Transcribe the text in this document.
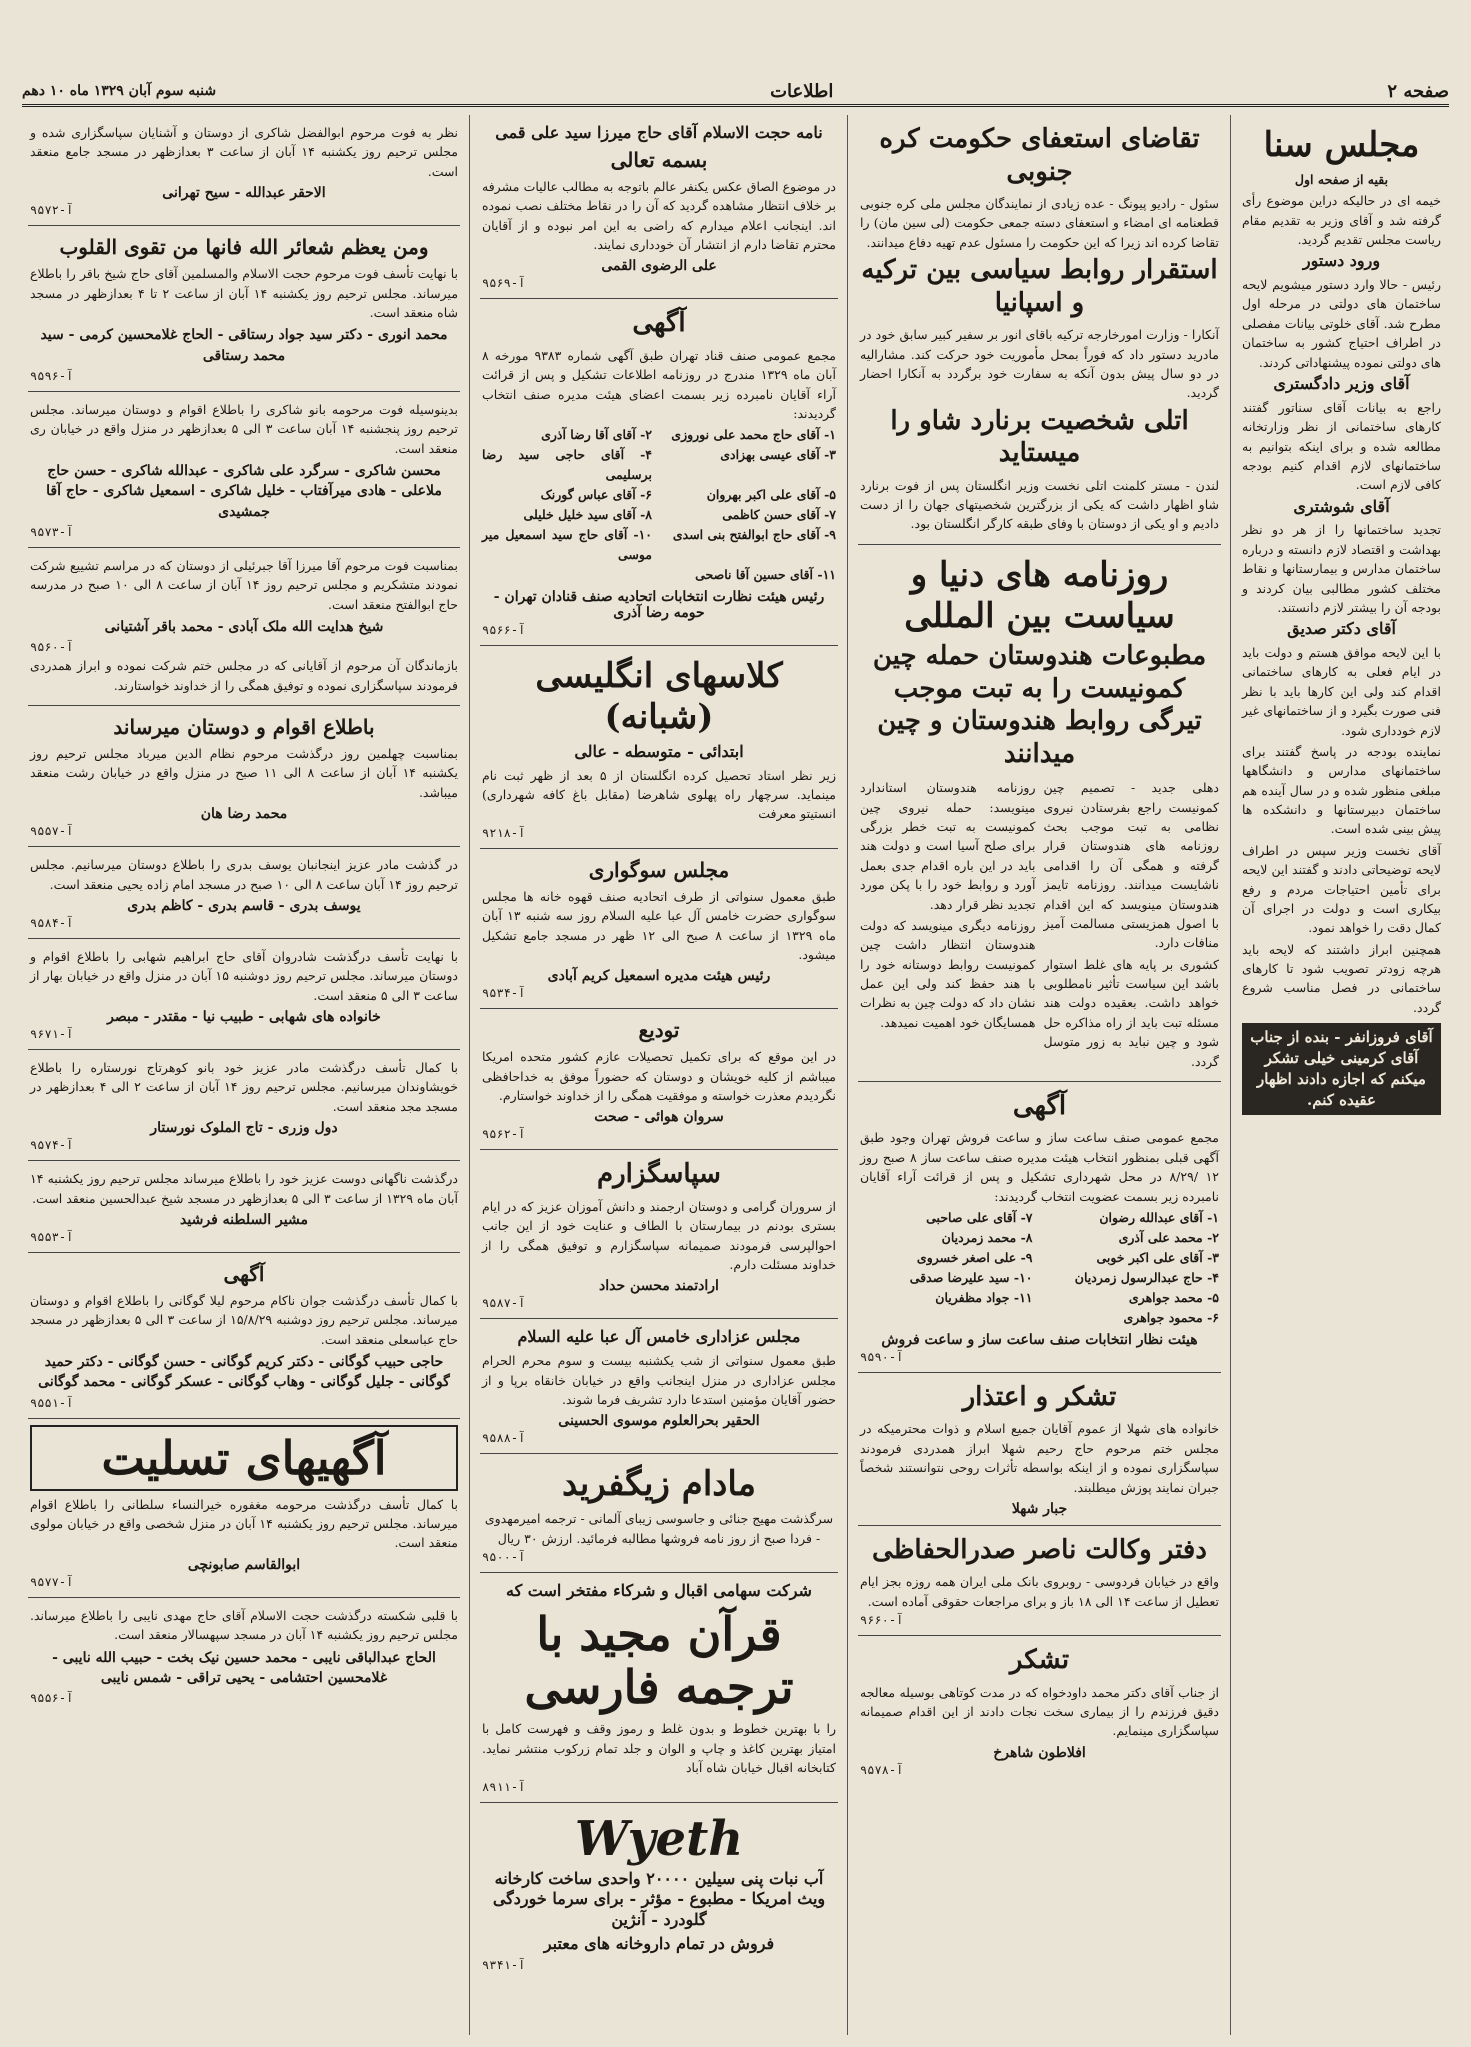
صفحه ۲
اطلاعات
شنبه سوم آبان ۱۳۲۹ ماه ۱۰ دهم
مجلس سنا
بقیه از صفحه اول
خیمه ای در حالیکه دراین موضوع رأی گرفته شد و آقای وزیر به تقدیم مقام ریاست مجلس تقدیم گردید.
ورود دستور
رئیس - حالا وارد دستور میشویم لایحه ساختمان های دولتی در مرحله اول مطرح شد. آقای خلوتی بیانات مفصلی در اطراف احتیاج کشور به ساختمان های دولتی نموده پیشنهاداتی کردند.
آقای وزیر دادگستری
راجع به بیانات آقای سناتور گفتند کارهای ساختمانی از نظر وزارتخانه مطالعه شده و برای اینکه بتوانیم به ساختمانهای لازم اقدام کنیم بودجه کافی لازم است.
آقای شوشتری
تجدید ساختمانها را از هر دو نظر بهداشت و اقتصاد لازم دانسته و درباره ساختمان مدارس و بیمارستانها و نقاط مختلف کشور مطالبی بیان کردند و بودجه آن را بیشتر لازم دانستند.
آقای دکتر صدیق
با این لایحه موافق هستم و دولت باید در ایام فعلی به کارهای ساختمانی اقدام کند ولی این کارها باید با نظر فنی صورت بگیرد و از ساختمانهای غیر لازم خودداری شود.
نماینده بودجه در پاسخ گفتند برای ساختمانهای مدارس و دانشگاهها مبلغی منظور شده و در سال آینده هم ساختمان دبیرستانها و دانشکده ها پیش بینی شده است.
آقای نخست وزیر سپس در اطراف لایحه توضیحاتی دادند و گفتند این لایحه برای تأمین احتیاجات مردم و رفع بیکاری است و دولت در اجرای آن کمال دقت را خواهد نمود.
همچنین ابراز داشتند که لایحه باید هرچه زودتر تصویب شود تا کارهای ساختمانی در فصل مناسب شروع گردد.
آقای فروزانفر - بنده از جناب آقای کرمینی خیلی تشکر میکنم که اجازه دادند اظهار عقیده کنم.
تقاضای استعفای حکومت کره جنوبی
سئول - رادیو پیونگ - عده زیادی از نمایندگان مجلس ملی کره جنوبی قطعنامه ای امضاء و استعفای دسته جمعی حکومت (لی سین مان) را تقاضا کرده اند زیرا که این حکومت را مسئول عدم تهیه دفاع میدانند.
استقرار روابط سیاسی بین ترکیه و اسپانیا
آنکارا - وزارت امورخارجه ترکیه باقای انور بر سفیر کبیر سابق خود در مادرید دستور داد که فوراً بمحل مأموریت خود حرکت کند. مشارالیه در دو سال پیش بدون آنکه به سفارت خود برگردد به آنکارا احضار گردید.
اتلی شخصیت برنارد شاو را میستاید
لندن - مستر کلمنت اتلی نخست وزیر انگلستان پس از فوت برنارد شاو اظهار داشت که یکی از بزرگترین شخصیتهای جهان را از دست دادیم و او یکی از دوستان با وفای طبقه کارگر انگلستان بود.
روزنامه های دنیا و سیاست بین المللی
مطبوعات هندوستان حمله چین کمونیست را به تبت موجب تیرگی روابط هندوستان و چین میدانند
دهلی جدید - تصمیم چین کمونیست راجع بفرستادن نیروی نظامی به تبت موجب بحث روزنامه های هندوستان قرار گرفته و همگی آن را اقدامی ناشایست میدانند. روزنامه تایمز هندوستان مینویسد که این اقدام با اصول همزیستی مسالمت آمیز منافات دارد.
کشوری بر پایه های غلط استوار باشد این سیاست تأثیر نامطلوبی خواهد داشت. بعقیده دولت هند مسئله تبت باید از راه مذاکره حل شود و چین نباید به زور متوسل گردد.
روزنامه هندوستان استاندارد مینویسد: حمله نیروی چین کمونیست به تبت خطر بزرگی برای صلح آسیا است و دولت هند باید در این باره اقدام جدی بعمل آورد و روابط خود را با پکن مورد تجدید نظر قرار دهد.
روزنامه دیگری مینویسد که دولت هندوستان انتظار داشت چین کمونیست روابط دوستانه خود را با هند حفظ کند ولی این عمل نشان داد که دولت چین به نظرات همسایگان خود اهمیت نمیدهد.
آگهی
مجمع عمومی صنف ساعت ساز و ساعت فروش تهران وجود طبق آگهی قبلی بمنظور انتخاب هیئت مدیره صنف ساعت ساز ۸ صبح روز ۱۲ /۸/۲۹ در محل شهرداری تشکیل و پس از قرائت آراء آقایان نامبرده زیر بسمت عضویت انتخاب گردیدند:
۱- آقای عبدالله رضوان
۷- آقای علی صاحبی
۲- محمد علی آذری
۸- محمد زمردیان
۳- آقای علی اکبر خوبی
۹- علی اصغر خسروی
۴- حاج عبدالرسول زمردیان
۱۰- سید علیرضا صدقی
۵- محمد جواهری
۱۱- جواد مظفریان
۶- محمود جواهری
هیئت نظار انتخابات صنف ساعت ساز و ساعت فروش
آ-۹۵۹۰
تشکر و اعتذار
خانواده های شهلا از عموم آقایان جمیع اسلام و ذوات محترمیکه در مجلس ختم مرحوم حاج رحیم شهلا ابراز همدردی فرمودند سپاسگزاری نموده و از اینکه بواسطه تأثرات روحی نتوانستند شخصاً جبران نمایند پوزش میطلبند.
جبار شهلا
دفتر وکالت ناصر صدرالحفاظی
واقع در خیابان فردوسی - روبروی بانک ملی ایران همه روزه بجز ایام تعطیل از ساعت ۱۴ الی ۱۸ باز و برای مراجعات حقوقی آماده است.
آ-۹۶۶۰
تشکر
از جناب آقای دکتر محمد داودخواه که در مدت کوتاهی بوسیله معالجه دقیق فرزندم را از بیماری سخت نجات دادند از این اقدام صمیمانه سپاسگزاری مینمایم.
افلاطون شاهرخ
آ-۹۵۷۸
نامه حجت الاسلام آقای حاج میرزا سید علی قمی
بسمه تعالی
در موضوع الصاق عکس یکنفر عالم باتوجه به مطالب عالیات مشرفه بر خلاف انتظار مشاهده گردید که آن را در نقاط مختلف نصب نموده اند. اینجانب اعلام میدارم که راضی به این امر نبوده و از آقایان محترم تقاضا دارم از انتشار آن خودداری نمایند.
علی الرضوی القمی
آ-۹۵۶۹
آگهی
مجمع عمومی صنف قناد تهران طبق آگهی شماره ۹۳۸۳ مورخه ۸ آبان ماه ۱۳۲۹ مندرج در روزنامه اطلاعات تشکیل و پس از قرائت آراء آقایان نامبرده زیر بسمت اعضای هیئت مدیره صنف انتخاب گردیدند:
۱- آقای حاج محمد علی نوروزی
۲- آقای آقا رضا آذری
۳- آقای عیسی بهزادی
۴- آقای حاجی سید رضا برسلیمی
۵- آقای علی اکبر بهروان
۶- آقای عباس گورنک
۷- آقای حسن کاظمی
۸- آقای سید خلیل خلیلی
۹- آقای حاج ابوالفتح بنی اسدی
۱۰- آقای حاج سید اسمعیل میر موسی
۱۱- آقای حسین آقا ناصحی
رئیس هیئت نظارت انتخابات اتحادیه صنف قنادان تهران - حومه رضا آذری
آ-۹۵۶۶
کلاسهای انگلیسی (شبانه)
ابتدائی - متوسطه - عالی
زیر نظر استاد تحصیل کرده انگلستان از ۵ بعد از ظهر ثبت نام مینماید. سرچهار راه پهلوی شاهرضا (مقابل باغ کافه شهرداری) انستیتو معرفت
آ-۹۲۱۸
مجلس سوگواری
طبق معمول سنواتی از طرف اتحادیه صنف قهوه خانه ها مجلس سوگواری حضرت خامس آل عبا علیه السلام روز سه شنبه ۱۳ آبان ماه ۱۳۲۹ از ساعت ۸ صبح الی ۱۲ ظهر در مسجد جامع تشکیل میشود.
رئیس هیئت مدیره اسمعیل کریم آبادی
آ-۹۵۳۴
تودیع
در این موقع که برای تکمیل تحصیلات عازم کشور متحده امریکا میباشم از کلیه خویشان و دوستان که حضوراً موفق به خداحافظی نگردیدم معذرت خواسته و موفقیت همگی را از خداوند خواستارم.
سروان هوائی - صحت
آ-۹۵۶۲
سپاسگزارم
از سروران گرامی و دوستان ارجمند و دانش آموزان عزیز که در ایام بستری بودنم در بیمارستان با الطاف و عنایت خود از این جانب احوالپرسی فرمودند صمیمانه سپاسگزارم و توفیق همگی را از خداوند مسئلت دارم.
ارادتمند محسن حداد
آ-۹۵۸۷
مجلس عزاداری خامس آل عبا علیه السلام
طبق معمول سنواتی از شب یکشنبه بیست و سوم محرم الحرام مجلس عزاداری در منزل اینجانب واقع در خیابان خانقاه برپا و از حضور آقایان مؤمنین استدعا دارد تشریف فرما شوند.
الحقیر بحرالعلوم موسوی الحسینی
آ-۹۵۸۸
مادام زیگفرید
سرگذشت مهیج جنائی و جاسوسی زیبای آلمانی - ترجمه امیرمهدوی - فردا صبح از روز نامه فروشها مطالبه فرمائید. ارزش ۳۰ ریال
آ-۹۵۰۰
شرکت سهامی اقبال و شرکاء مفتخر است که
قرآن مجید با ترجمه فارسی
را با بهترین خطوط و بدون غلط و رموز وقف و فهرست کامل با امتیاز بهترین کاغذ و چاپ و الوان و جلد تمام زرکوب منتشر نماید. کتابخانه اقبال خیابان شاه آباد
آ-۸۹۱۱
Wyeth
آب نبات پنی سیلین ۲۰۰۰۰ واحدی ساخت کارخانه ویث امریکا - مطبوع - مؤثر - برای سرما خوردگی گلودرد - آنژین
فروش در تمام داروخانه های معتبر
آ-۹۳۴۱
نظر به فوت مرحوم ابوالفضل شاکری از دوستان و آشنایان سپاسگزاری شده و مجلس ترحیم روز یکشنبه ۱۴ آبان از ساعت ۳ بعدازظهر در مسجد جامع منعقد است.
الاحقر عبدالله - سیح تهرانی
آ-۹۵۷۲
ومن يعظم شعائر الله فانها من تقوى القلوب
با نهایت تأسف فوت مرحوم حجت الاسلام والمسلمین آقای حاج شیخ باقر را باطلاع میرساند. مجلس ترحیم روز یکشنبه ۱۴ آبان از ساعت ۲ تا ۴ بعدازظهر در مسجد شاه منعقد است.
محمد انوری - دکتر سید جواد رستاقی - الحاج غلامحسین کرمی - سید محمد رستاقی
آ-۹۵۹۶
بدینوسیله فوت مرحومه بانو شاکری را باطلاع اقوام و دوستان میرساند. مجلس ترحیم روز پنجشنبه ۱۴ آبان ساعت ۳ الی ۵ بعدازظهر در منزل واقع در خیابان ری منعقد است.
محسن شاکری - سرگرد علی شاکری - عبدالله شاکری - حسن حاج ملاعلی - هادی میرآفتاب - خلیل شاکری - اسمعیل شاکری - حاج آقا جمشیدی
آ-۹۵۷۳
بمناسبت فوت مرحوم آقا میرزا آقا جبرئیلی از دوستان که در مراسم تشییع شرکت نمودند متشکریم و مجلس ترحیم روز ۱۴ آبان از ساعت ۸ الی ۱۰ صبح در مدرسه حاج ابوالفتح منعقد است.
شیخ هدایت الله ملک آبادی - محمد باقر آشتیانی
آ-۹۵۶۰
بازماندگان آن مرحوم از آقایانی که در مجلس ختم شرکت نموده و ابراز همدردی فرمودند سپاسگزاری نموده و توفیق همگی را از خداوند خواستارند.
باطلاع اقوام و دوستان میرساند
بمناسبت چهلمین روز درگذشت مرحوم نظام الدین میرباد مجلس ترحیم روز یکشنبه ۱۴ آبان از ساعت ۸ الی ۱۱ صبح در منزل واقع در خیابان رشت منعقد میباشد.
محمد رضا هان
آ-۹۵۵۷
در گذشت مادر عزیز اینجانبان یوسف بدری را باطلاع دوستان میرسانیم. مجلس ترحیم روز ۱۴ آبان ساعت ۸ الی ۱۰ صبح در مسجد امام زاده یحیی منعقد است.
یوسف بدری - قاسم بدری - کاظم بدری
آ-۹۵۸۴
با نهایت تأسف درگذشت شادروان آقای حاج ابراهیم شهابی را باطلاع اقوام و دوستان میرساند. مجلس ترحیم روز دوشنبه ۱۵ آبان در منزل واقع در خیابان بهار از ساعت ۳ الی ۵ منعقد است.
خانواده های شهابی - طبیب نیا - مقتدر - مبصر
آ-۹۶۷۱
با کمال تأسف درگذشت مادر عزیز خود بانو کوهرتاج نورستاره را باطلاع خویشاوندان میرسانیم. مجلس ترحیم روز ۱۴ آبان از ساعت ۲ الی ۴ بعدازظهر در مسجد مجد منعقد است.
دول وزری - تاج الملوک نورستار
آ-۹۵۷۴
درگذشت ناگهانی دوست عزیز خود را باطلاع میرساند مجلس ترحیم روز یکشنبه ۱۴ آبان ماه ۱۳۲۹ از ساعت ۳ الی ۵ بعدازظهر در مسجد شیخ عبدالحسین منعقد است.
مشیر السلطنه فرشید
آ-۹۵۵۳
آگهی
با کمال تأسف درگذشت جوان ناکام مرحوم لیلا گوگانی را باطلاع اقوام و دوستان میرساند. مجلس ترحیم روز دوشنبه ۱۵/۸/۲۹ از ساعت ۳ الی ۵ بعدازظهر در مسجد حاج عباسعلی منعقد است.
حاجی حبیب گوگانی - دکتر کریم گوگانی - حسن گوگانی - دکتر حمید گوگانی - جلیل گوگانی - وهاب گوگانی - عسکر گوگانی - محمد گوگانی
آ-۹۵۵۱
آگهیهای تسلیت
با کمال تأسف درگذشت مرحومه مغفوره خیرالنساء سلطانی را باطلاع اقوام میرساند. مجلس ترحیم روز یکشنبه ۱۴ آبان در منزل شخصی واقع در خیابان مولوی منعقد است.
ابوالقاسم صابونچی
آ-۹۵۷۷
با قلبی شکسته درگذشت حجت الاسلام آقای حاج مهدی نایبی را باطلاع میرساند. مجلس ترحیم روز یکشنبه ۱۴ آبان در مسجد سپهسالار منعقد است.
الحاج عبدالباقی نایبی - محمد حسین نیک بخت - حبیب الله نایبی - غلامحسین احتشامی - یحیی تراقی - شمس نایبی
آ-۹۵۵۶
